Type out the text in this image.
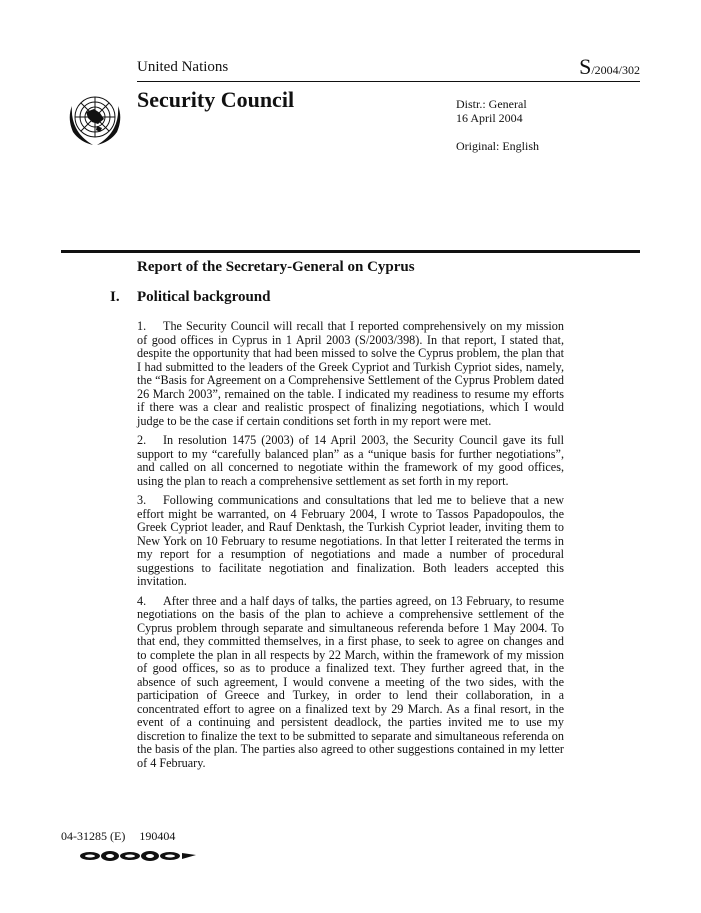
United Nations	S/2004/302
Security Council	Distr.: General
16 April 2004
Original: English
Report of the Secretary-General on Cyprus
I. Political background

1. The Security Council will recall that I reported comprehensively on my mission of good offices in Cyprus in 1 April 2003 (S/2003/398). In that report, I stated that, despite the opportunity that had been missed to solve the Cyprus problem, the plan that I had submitted to the leaders of the Greek Cypriot and Turkish Cypriot sides, namely, the “Basis for Agreement on a Comprehensive Settlement of the Cyprus Problem dated 26 March 2003”, remained on the table. I indicated my readiness to resume my efforts if there was a clear and realistic prospect of finalizing negotiations, which I would judge to be the case if certain conditions set forth in my report were met.

2. In resolution 1475 (2003) of 14 April 2003, the Security Council gave its full support to my “carefully balanced plan” as a “unique basis for further negotiations”, and called on all concerned to negotiate within the framework of my good offices, using the plan to reach a comprehensive settlement as set forth in my report.

3. Following communications and consultations that led me to believe that a new effort might be warranted, on 4 February 2004, I wrote to Tassos Papadopoulos, the Greek Cypriot leader, and Rauf Denktash, the Turkish Cypriot leader, inviting them to New York on 10 February to resume negotiations. In that letter I reiterated the terms in my report for a resumption of negotiations and made a number of procedural suggestions to facilitate negotiation and finalization. Both leaders accepted this invitation.

4. After three and a half days of talks, the parties agreed, on 13 February, to resume negotiations on the basis of the plan to achieve a comprehensive settlement of the Cyprus problem through separate and simultaneous referenda before 1 May 2004. To that end, they committed themselves, in a first phase, to seek to agree on changes and to complete the plan in all respects by 22 March, within the framework of my mission of good offices, so as to produce a finalized text. They further agreed that, in the absence of such agreement, I would convene a meeting of the two sides, with the participation of Greece and Turkey, in order to lend their collaboration, in a concentrated effort to agree on a finalized text by 29 March. As a final resort, in the event of a continuing and persistent deadlock, the parties invited me to use my discretion to finalize the text to be submitted to separate and simultaneous referenda on the basis of the plan. The parties also agreed to other suggestions contained in my letter of 4 February.

04-31285 (E) 190404
